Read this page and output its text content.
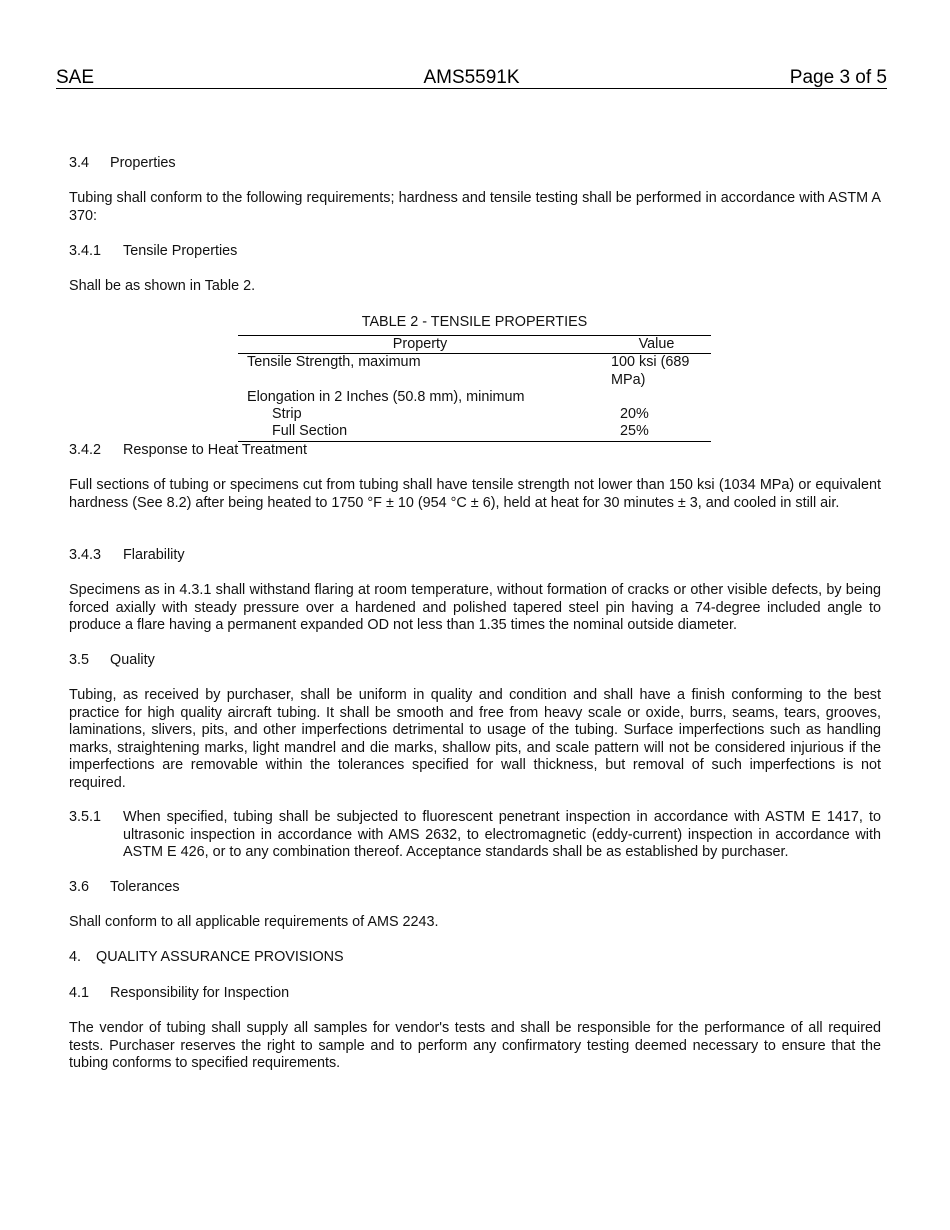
SAE	AMS5591K	Page 3 of 5

3.4 Properties

Tubing shall conform to the following requirements; hardness and tensile testing shall be performed in accordance with ASTM A 370:

3.4.1 Tensile Properties

Shall be as shown in Table 2.

TABLE 2 - TENSILE PROPERTIES
Property	Value
Tensile Strength, maximum	100 ksi (689 MPa)
Elongation in 2 Inches (50.8 mm), minimum	
Strip	20%
Full Section	25%

3.4.2 Response to Heat Treatment

Full sections of tubing or specimens cut from tubing shall have tensile strength not lower than 150 ksi (1034 MPa) or equivalent hardness (See 8.2) after being heated to 1750 °F ± 10 (954 °C ± 6), held at heat for 30 minutes ± 3, and cooled in still air.

3.4.3 Flarability

Specimens as in 4.3.1 shall withstand flaring at room temperature, without formation of cracks or other visible defects, by being forced axially with steady pressure over a hardened and polished tapered steel pin having a 74-degree included angle to produce a flare having a permanent expanded OD not less than 1.35 times the nominal outside diameter.

3.5 Quality

Tubing, as received by purchaser, shall be uniform in quality and condition and shall have a finish conforming to the best practice for high quality aircraft tubing. It shall be smooth and free from heavy scale or oxide, burrs, seams, tears, grooves, laminations, slivers, pits, and other imperfections detrimental to usage of the tubing. Surface imperfections such as handling marks, straightening marks, light mandrel and die marks, shallow pits, and scale pattern will not be considered injurious if the imperfections are removable within the tolerances specified for wall thickness, but removal of such imperfections is not required.

3.5.1 When specified, tubing shall be subjected to fluorescent penetrant inspection in accordance with ASTM E 1417, to ultrasonic inspection in accordance with AMS 2632, to electromagnetic (eddy-current) inspection in accordance with ASTM E 426, or to any combination thereof. Acceptance standards shall be as established by purchaser.

3.6 Tolerances

Shall conform to all applicable requirements of AMS 2243.

4. QUALITY ASSURANCE PROVISIONS

4.1 Responsibility for Inspection

The vendor of tubing shall supply all samples for vendor's tests and shall be responsible for the performance of all required tests. Purchaser reserves the right to sample and to perform any confirmatory testing deemed necessary to ensure that the tubing conforms to specified requirements.
